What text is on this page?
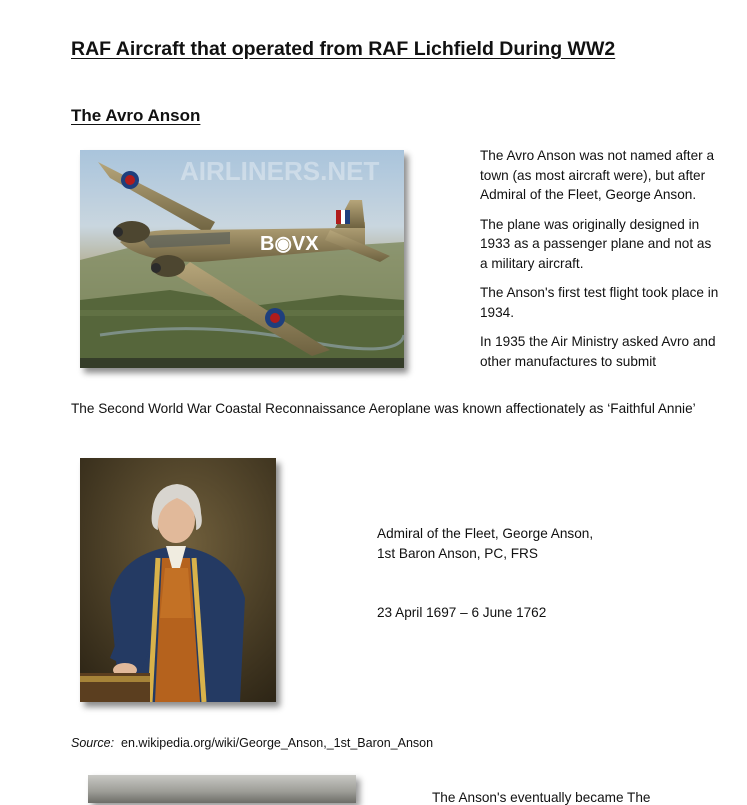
RAF Aircraft that operated from RAF Lichfield During WW2
The Avro Anson
AIRLINERS.NET
B◉VX

The Avro Anson was not named after a town (as most aircraft were), but after Admiral of the Fleet, George Anson.

The plane was originally designed in 1933 as a passenger plane and not as a military aircraft.

The Anson's first test flight took place in 1934.

In 1935 the Air Ministry asked Avro and other manufactures to submit

The Second World War Coastal Reconnaissance Aeroplane was known affectionately as ‘Faithful Annie’
Admiral of the Fleet, George Anson,
1st Baron Anson, PC, FRS
23 April 1697 – 6 June 1762
Source: en.wikipedia.org/wiki/George_Anson,_1st_Baron_Anson
The Anson's eventually became The
